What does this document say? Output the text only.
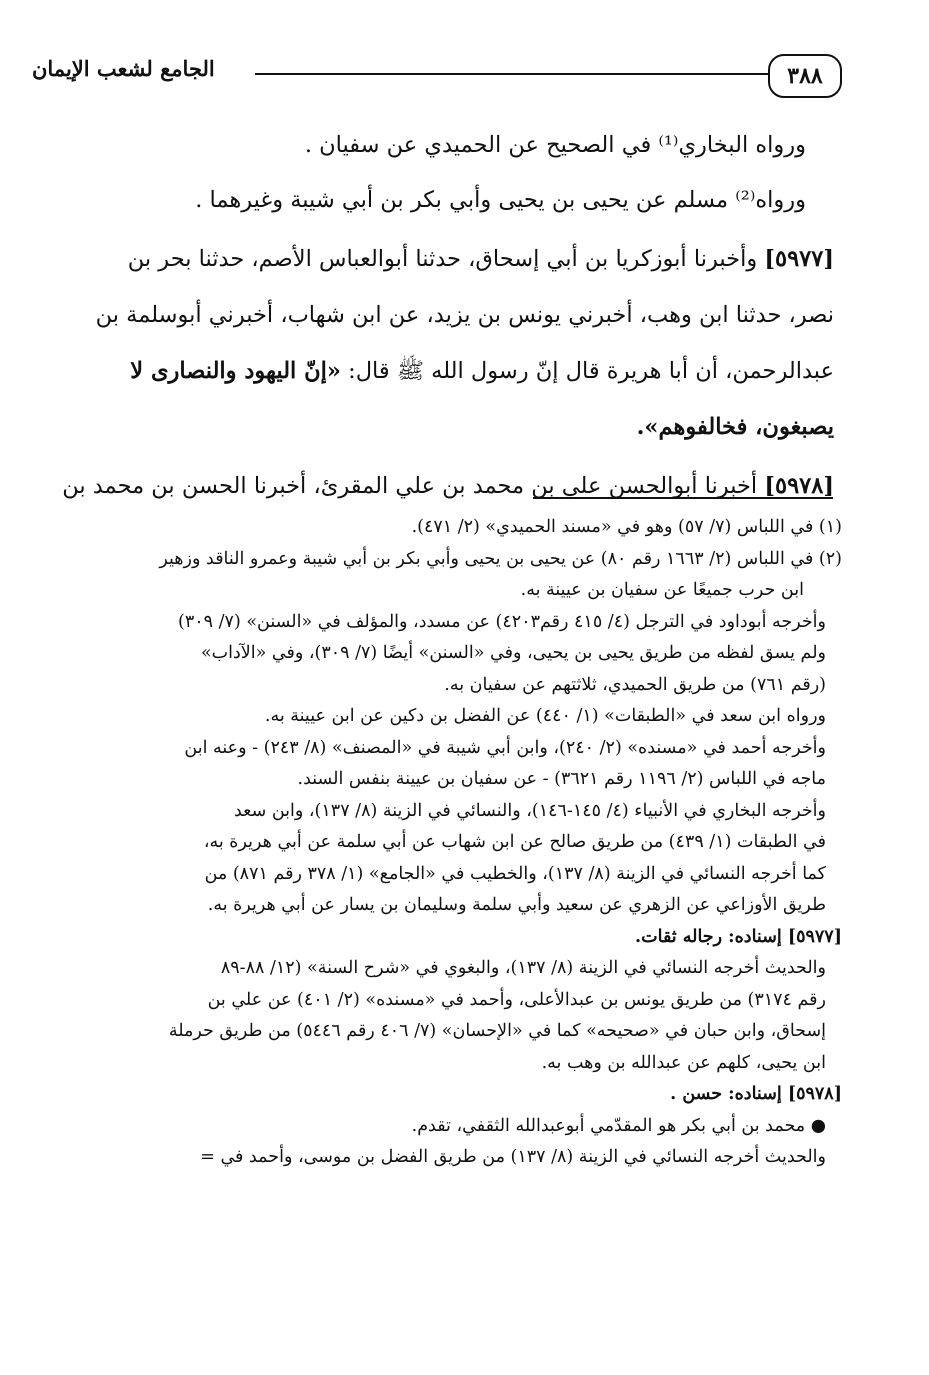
الجامع لشعب الإيمان	٣٨٨
ورواه البخاري⁽¹⁾ في الصحيح عن الحميدي عن سفيان .
ورواه⁽²⁾ مسلم عن يحيى بن يحيى وأبي بكر بن أبي شيبة وغيرهما .
[٥٩٧٧] وأخبرنا أبوزكريا بن أبي إسحاق، حدثنا أبوالعباس الأصم، حدثنا بحر بن
نصر، حدثنا ابن وهب، أخبرني يونس بن يزيد، عن ابن شهاب، أخبرني أبوسلمة بن
عبدالرحمن، أن أبا هريرة قال إنّ رسول الله ﷺ قال: «إنّ اليهود والنصارى لا
يصبغون، فخالفوهم».
[٥٩٧٨] أخبرنا أبوالحسن علي بن محمد بن علي المقرئ، أخبرنا الحسن بن محمد بن
(١) في اللباس (٧/ ٥٧) وهو في «مسند الحميدي» (٢/ ٤٧١).
(٢) في اللباس (٢/ ١٦٦٣ رقم ٨٠) عن يحيى بن يحيى وأبي بكر بن أبي شيبة وعمرو الناقد وزهير
ابن حرب جميعًا عن سفيان بن عيينة به.
وأخرجه أبوداود في الترجل (٤/ ٤١٥ رقم٤٢٠٣) عن مسدد، والمؤلف في «السنن» (٧/ ٣٠٩)
ولم يسق لفظه من طريق يحيى بن يحيى، وفي «السنن» أيضًا (٧/ ٣٠٩)، وفي «الآداب»
(رقم ٧٦١) من طريق الحميدي، ثلاثتهم عن سفيان به.
ورواه ابن سعد في «الطبقات» (١/ ٤٤٠) عن الفضل بن دكين عن ابن عيينة به.
وأخرجه أحمد في «مسنده» (٢/ ٢٤٠)، وابن أبي شيبة في «المصنف» (٨/ ٢٤٣) - وعنه ابن
ماجه في اللباس (٢/ ١١٩٦ رقم ٣٦٢١) - عن سفيان بن عيينة بنفس السند.
وأخرجه البخاري في الأنبياء (٤/ ١٤٥-١٤٦)، والنسائي في الزينة (٨/ ١٣٧)، وابن سعد
في الطبقات (١/ ٤٣٩) من طريق صالح عن ابن شهاب عن أبي سلمة عن أبي هريرة به،
كما أخرجه النسائي في الزينة (٨/ ١٣٧)، والخطيب في «الجامع» (١/ ٣٧٨ رقم ٨٧١) من
طريق الأوزاعي عن الزهري عن سعيد وأبي سلمة وسليمان بن يسار عن أبي هريرة به.
[٥٩٧٧] إسناده: رجاله ثقات.
والحديث أخرجه النسائي في الزينة (٨/ ١٣٧)، والبغوي في «شرح السنة» (١٢/ ٨٨-٨٩
رقم ٣١٧٤) من طريق يونس بن عبدالأعلى، وأحمد في «مسنده» (٢/ ٤٠١) عن علي بن
إسحاق، وابن حبان في «صحيحه» كما في «الإحسان» (٧/ ٤٠٦ رقم ٥٤٤٦) من طريق حرملة
ابن يحيى، كلهم عن عبدالله بن وهب به.
[٥٩٧٨] إسناده: حسن .
● محمد بن أبي بكر هو المقدّمي أبوعبدالله الثقفي، تقدم.
والحديث أخرجه النسائي في الزينة (٨/ ١٣٧) من طريق الفضل بن موسى، وأحمد في =
